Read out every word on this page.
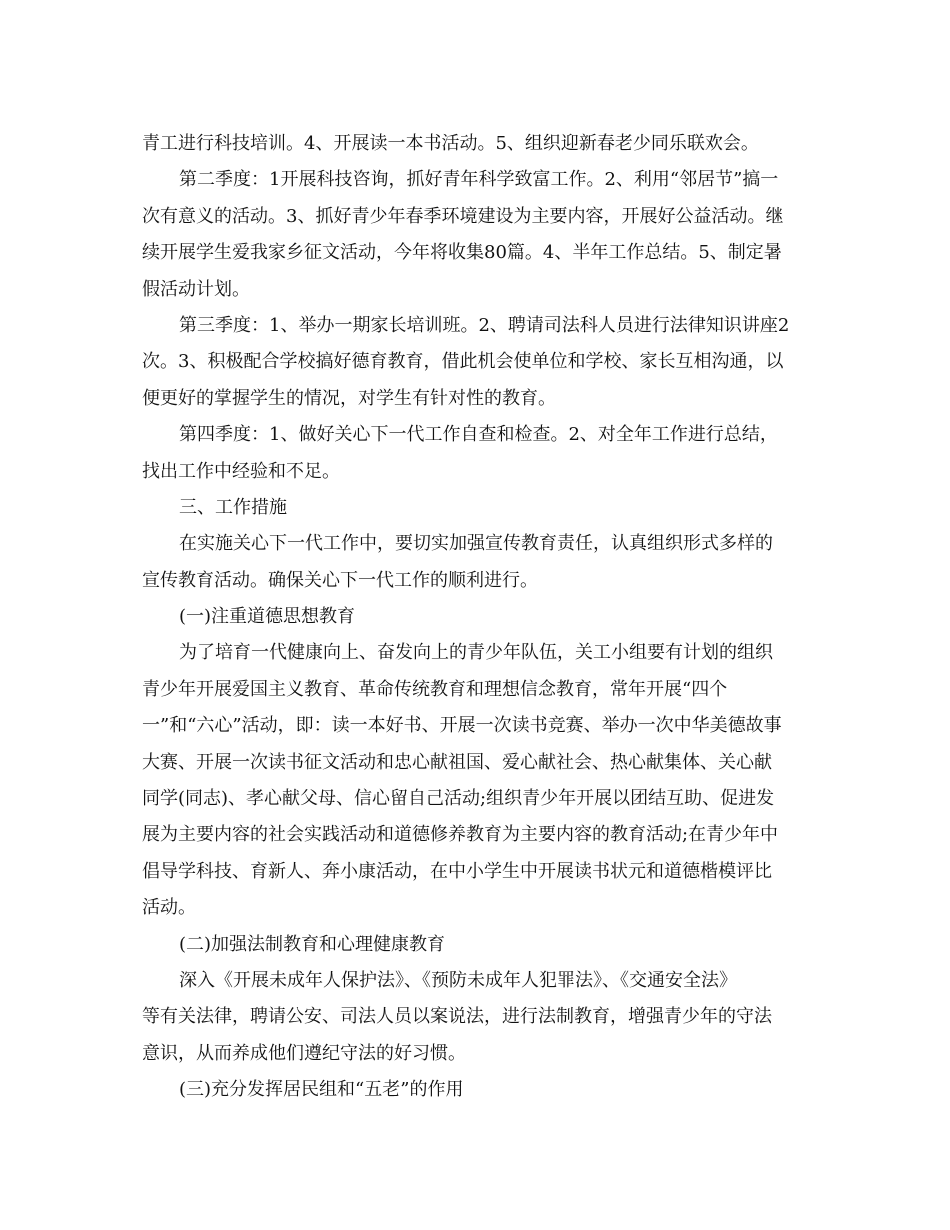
青工进行科技培训。4、开展读一本书活动。5、组织迎新春老少同乐联欢会。
第二季度：1开展科技咨询，抓好青年科学致富工作。2、利用“邻居节”搞一
次有意义的活动。3、抓好青少年春季环境建设为主要内容，开展好公益活动。继
续开展学生爱我家乡征文活动，今年将收集80篇。4、半年工作总结。5、制定暑
假活动计划。
第三季度：1、举办一期家长培训班。2、聘请司法科人员进行法律知识讲座2
次。3、积极配合学校搞好德育教育，借此机会使单位和学校、家长互相沟通，以
便更好的掌握学生的情况，对学生有针对性的教育。
第四季度：1、做好关心下一代工作自查和检查。2、对全年工作进行总结，
找出工作中经验和不足。
三、工作措施
在实施关心下一代工作中，要切实加强宣传教育责任，认真组织形式多样的
宣传教育活动。确保关心下一代工作的顺利进行。
(一)注重道德思想教育
为了培育一代健康向上、奋发向上的青少年队伍，关工小组要有计划的组织
青少年开展爱国主义教育、革命传统教育和理想信念教育，常年开展“四个
一”和“六心”活动，即：读一本好书、开展一次读书竞赛、举办一次中华美德故事
大赛、开展一次读书征文活动和忠心献祖国、爱心献社会、热心献集体、关心献
同学(同志)、孝心献父母、信心留自己活动;组织青少年开展以团结互助、促进发
展为主要内容的社会实践活动和道德修养教育为主要内容的教育活动;在青少年中
倡导学科技、育新人、奔小康活动，在中小学生中开展读书状元和道德楷模评比
活动。
(二)加强法制教育和心理健康教育
深入《开展未成年人保护法》、《预防未成年人犯罪法》、《交通安全法》
等有关法律，聘请公安、司法人员以案说法，进行法制教育，增强青少年的守法
意识，从而养成他们遵纪守法的好习惯。
(三)充分发挥居民组和“五老”的作用
